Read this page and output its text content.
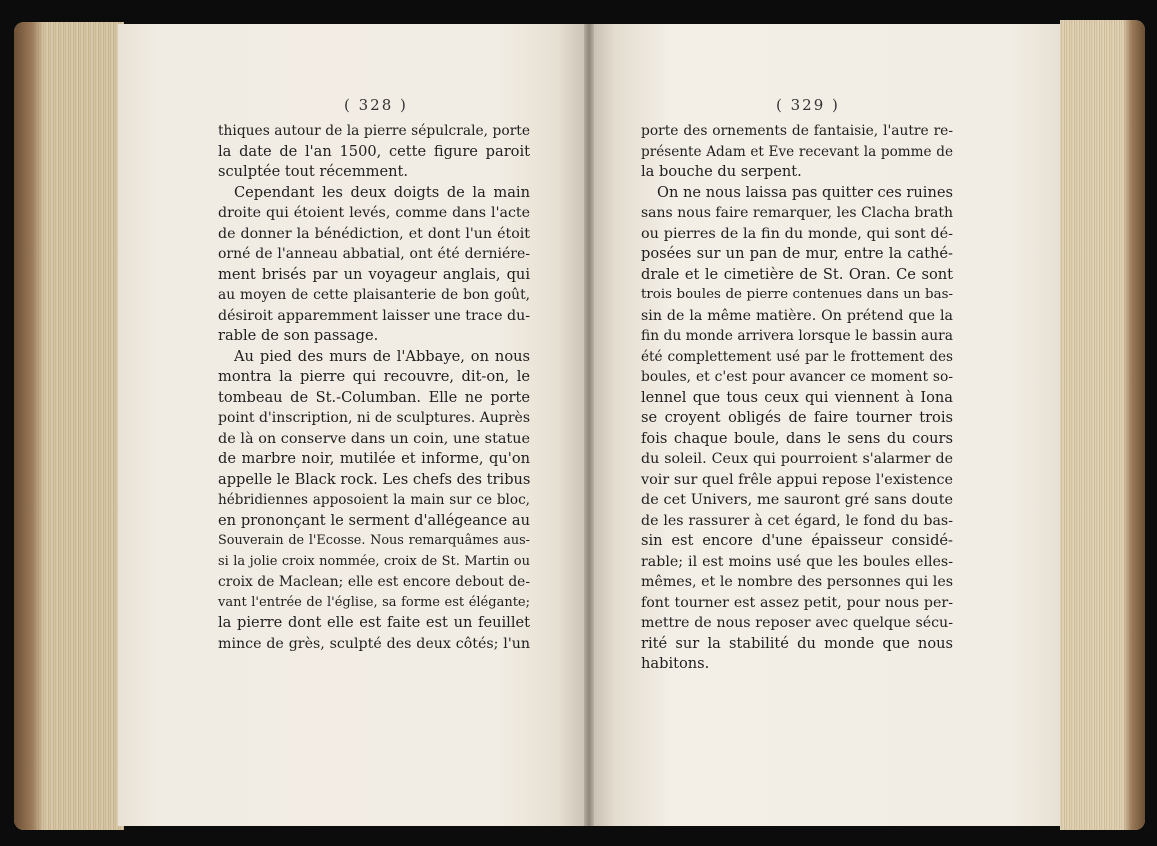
( 328 )	( 329 )
thiques autour de la pierre sépulcrale, porte
la date de l'an 1500, cette figure paroit
sculptée tout récemment.
Cependant les deux doigts de la main
droite qui étoient levés, comme dans l'acte
de donner la bénédiction, et dont l'un étoit
orné de l'anneau abbatial, ont été derniére-
ment brisés par un voyageur anglais, qui
au moyen de cette plaisanterie de bon goût,
désiroit apparemment laisser une trace du-
rable de son passage.
Au pied des murs de l'Abbaye, on nous
montra la pierre qui recouvre, dit-on, le
tombeau de St.-Columban. Elle ne porte
point d'inscription, ni de sculptures. Auprès
de là on conserve dans un coin, une statue
de marbre noir, mutilée et informe, qu'on
appelle le Black rock. Les chefs des tribus
hébridiennes apposoient la main sur ce bloc,
en prononçant le serment d'allégeance au
Souverain de l'Ecosse. Nous remarquâmes aus-
si la jolie croix nommée, croix de St. Martin ou
croix de Maclean; elle est encore debout de-
vant l'entrée de l'église, sa forme est élégante;
la pierre dont elle est faite est un feuillet
mince de grès, sculpté des deux côtés; l'un
porte des ornements de fantaisie, l'autre re-
présente Adam et Eve recevant la pomme de
la bouche du serpent.
On ne nous laissa pas quitter ces ruines
sans nous faire remarquer, les Clacha brath
ou pierres de la fin du monde, qui sont dé-
posées sur un pan de mur, entre la cathé-
drale et le cimetière de St. Oran. Ce sont
trois boules de pierre contenues dans un bas-
sin de la même matière. On prétend que la
fin du monde arrivera lorsque le bassin aura
été complettement usé par le frottement des
boules, et c'est pour avancer ce moment so-
lennel que tous ceux qui viennent à Iona
se croyent obligés de faire tourner trois
fois chaque boule, dans le sens du cours
du soleil. Ceux qui pourroient s'alarmer de
voir sur quel frêle appui repose l'existence
de cet Univers, me sauront gré sans doute
de les rassurer à cet égard, le fond du bas-
sin est encore d'une épaisseur considé-
rable; il est moins usé que les boules elles-
mêmes, et le nombre des personnes qui les
font tourner est assez petit, pour nous per-
mettre de nous reposer avec quelque sécu-
rité sur la stabilité du monde que nous
habitons.
